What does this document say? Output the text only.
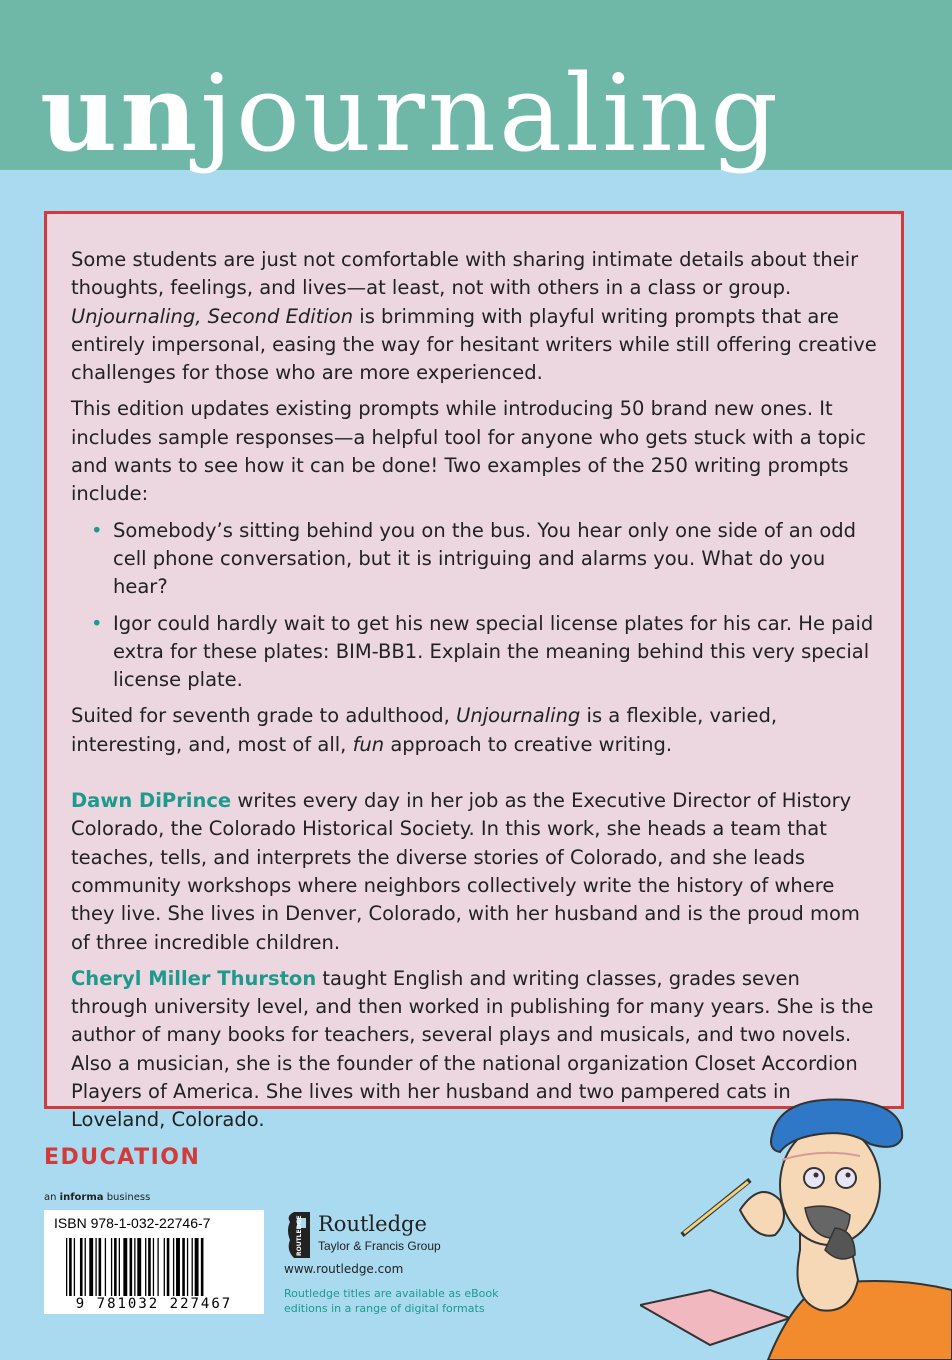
unjournaling

Some students are just not comfortable with sharing intimate details about their thoughts, feelings, and lives—at least, not with others in a class or group. Unjournaling, Second Edition is brimming with playful writing prompts that are entirely impersonal, easing the way for hesitant writers while still offering creative challenges for those who are more experienced.

This edition updates existing prompts while introducing 50 brand new ones. It includes sample responses—a helpful tool for anyone who gets stuck with a topic and wants to see how it can be done! Two examples of the 250 writing prompts include:

• Somebody’s sitting behind you on the bus. You hear only one side of an odd cell phone conversation, but it is intriguing and alarms you. What do you hear?
• Igor could hardly wait to get his new special license plates for his car. He paid extra for these plates: BIM-BB1. Explain the meaning behind this very special license plate.

Suited for seventh grade to adulthood, Unjournaling is a flexible, varied, interesting, and, most of all, fun approach to creative writing.

Dawn DiPrince writes every day in her job as the Executive Director of History Colorado, the Colorado Historical Society. In this work, she heads a team that teaches, tells, and interprets the diverse stories of Colorado, and she leads community workshops where neighbors collectively write the history of where they live. She lives in Denver, Colorado, with her husband and is the proud mom of three incredible children.

Cheryl Miller Thurston taught English and writing classes, grades seven through university level, and then worked in publishing for many years. She is the author of many books for teachers, several plays and musicals, and two novels. Also a musician, she is the founder of the national organization Closet Accordion Players of America. She lives with her husband and two pampered cats in Loveland, Colorado.

EDUCATION
an informa business
ISBN 978-1-032-22746-7
9 781032 227467
ROUTLEDGE Routledge
Taylor & Francis Group
www.routledge.com
Routledge titles are available as eBook editions in a range of digital formats
